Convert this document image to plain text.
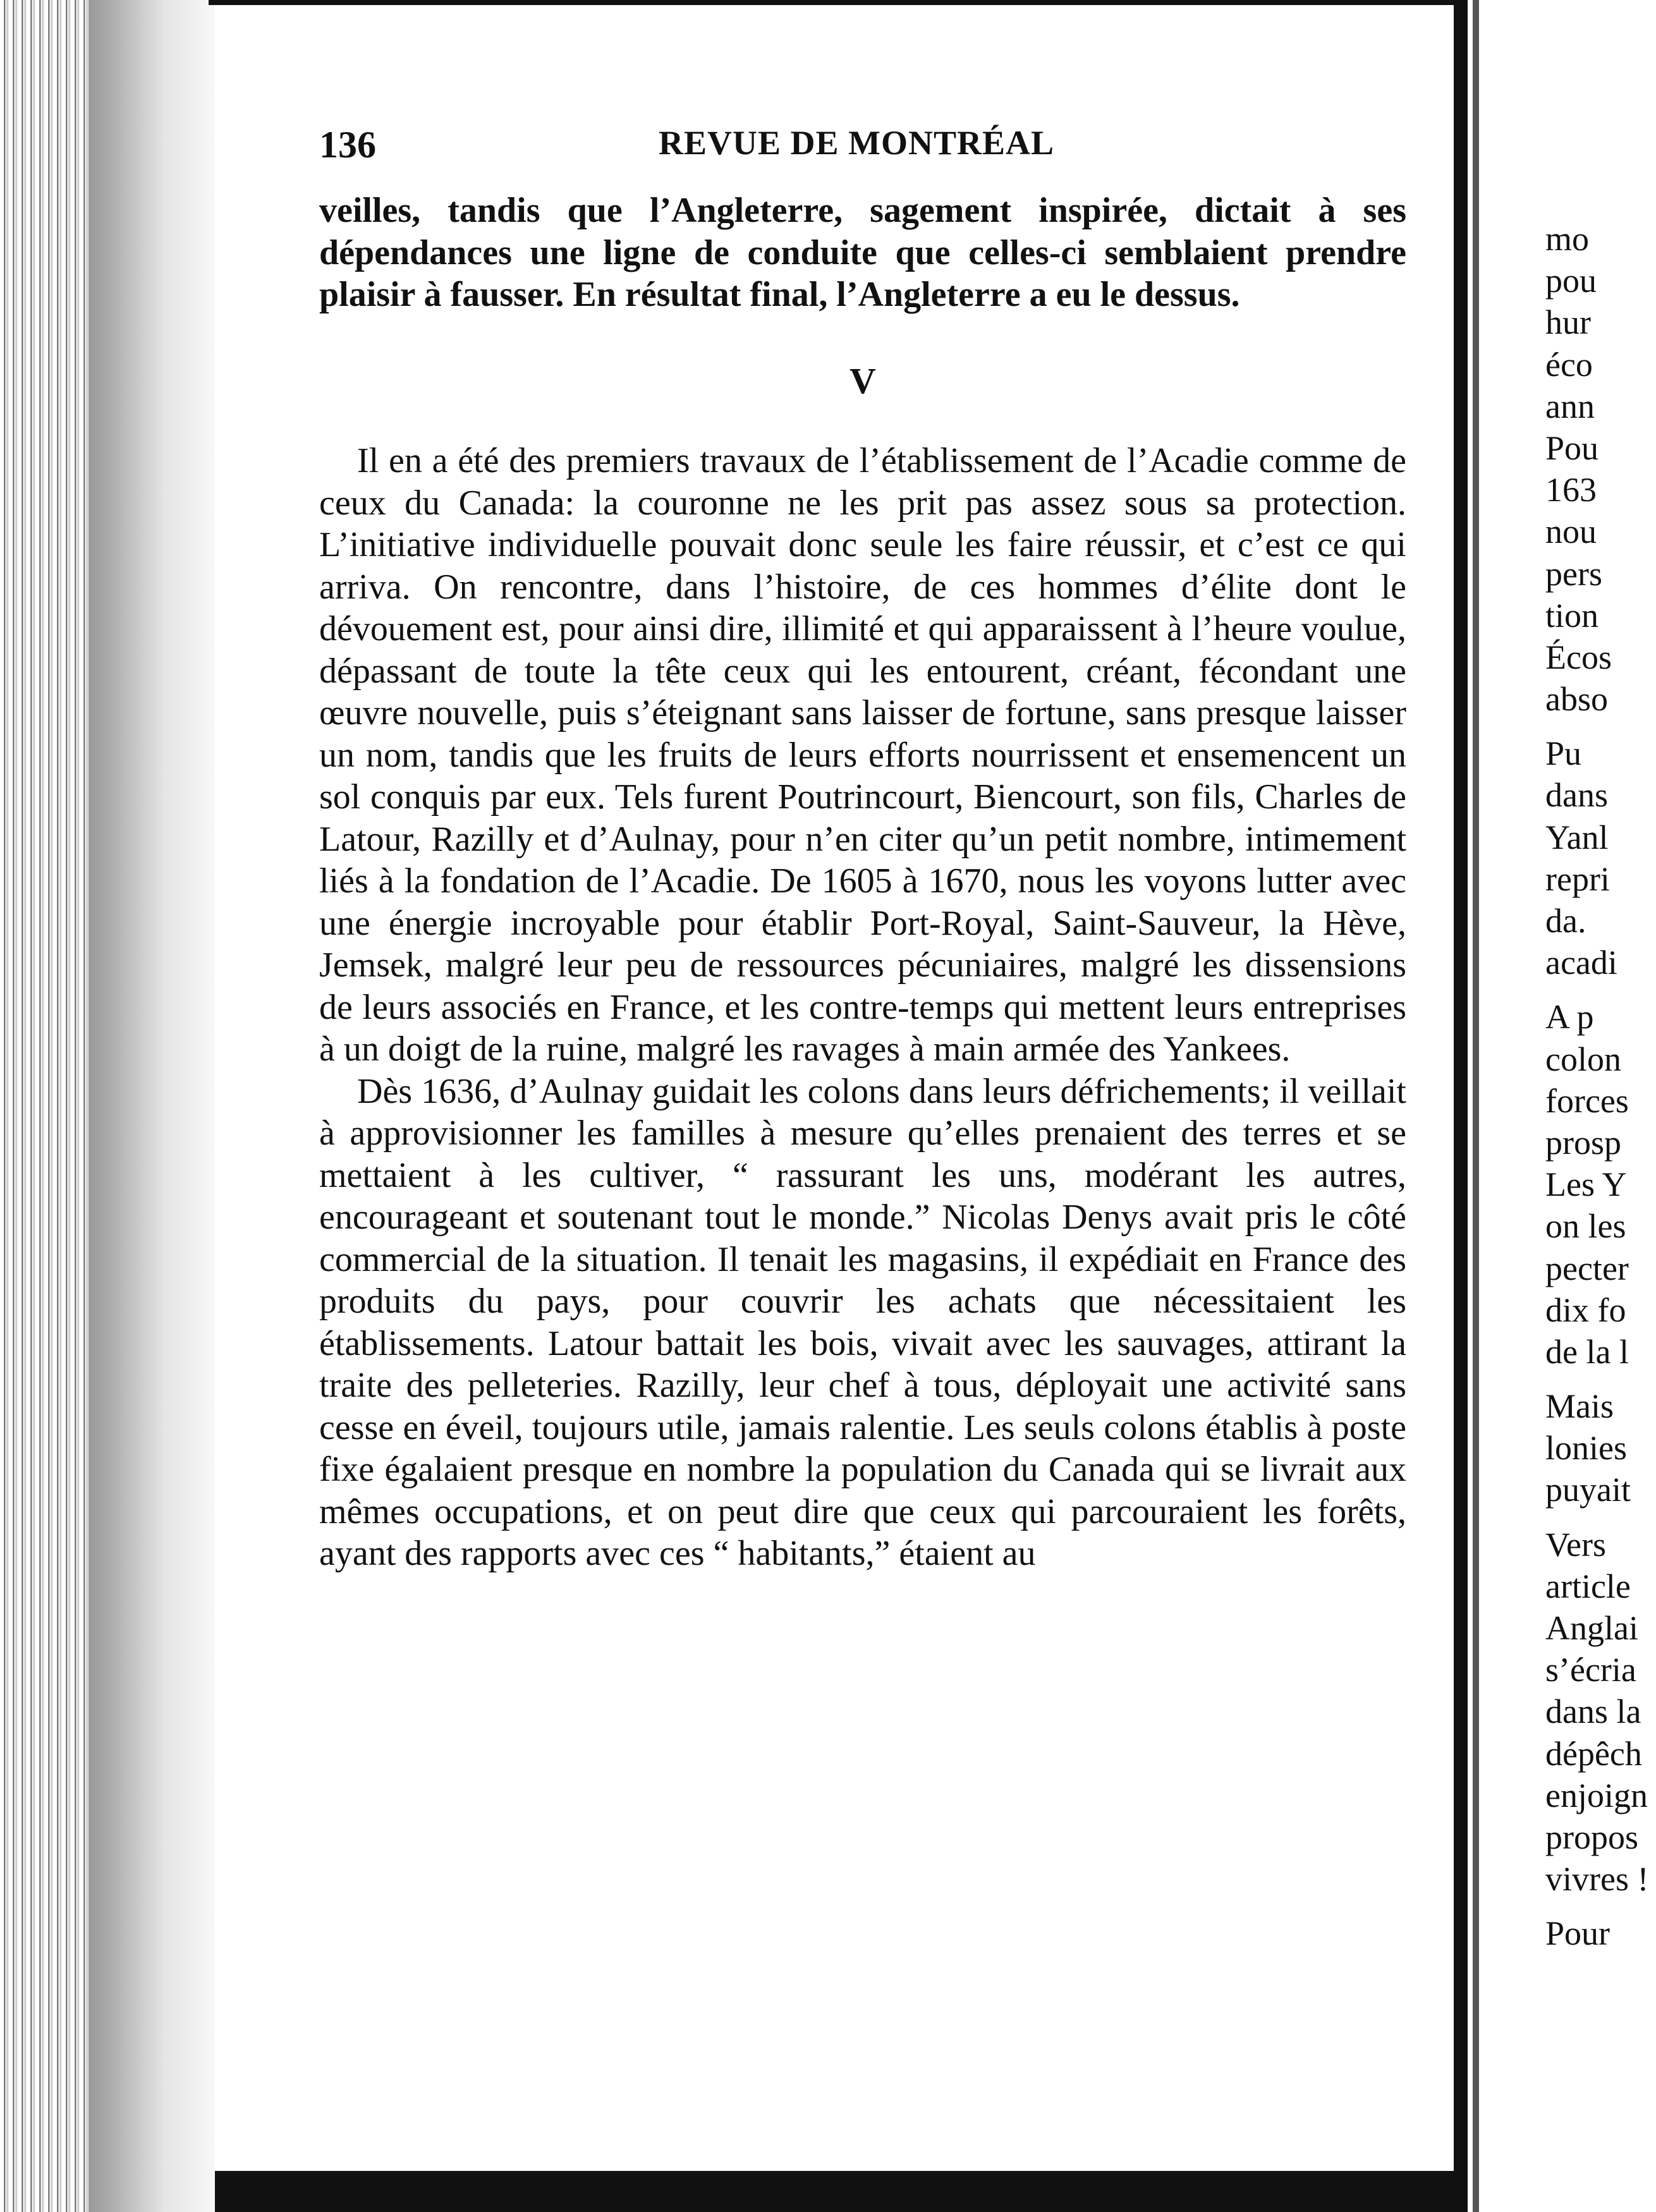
136	REVUE DE MONTRÉAL

veilles, tandis que l’Angleterre, sagement inspirée, dictait à ses dépendances une ligne de conduite que celles-ci semblaient prendre plaisir à fausser. En résultat final, l’Angleterre a eu le dessus.

V

Il en a été des premiers travaux de l’établissement de l’Acadie comme de ceux du Canada: la couronne ne les prit pas assez sous sa protection. L’initiative individuelle pouvait donc seule les faire réussir, et c’est ce qui arriva. On rencontre, dans l’histoire, de ces hommes d’élite dont le dévouement est, pour ainsi dire, illimité et qui apparaissent à l’heure voulue, dépassant de toute la tête ceux qui les entourent, créant, fécondant une œuvre nouvelle, puis s’éteignant sans laisser de fortune, sans presque laisser un nom, tandis que les fruits de leurs efforts nourrissent et ensemencent un sol conquis par eux. Tels furent Poutrincourt, Biencourt, son fils, Charles de Latour, Razilly et d’Aulnay, pour n’en citer qu’un petit nombre, intimement liés à la fondation de l’Acadie. De 1605 à 1670, nous les voyons lutter avec une énergie incroyable pour établir Port-Royal, Saint-Sauveur, la Hève, Jemsek, malgré leur peu de ressources pécuniaires, malgré les dissensions de leurs associés en France, et les contre-temps qui mettent leurs entreprises à un doigt de la ruine, malgré les ravages à main armée des Yankees.

Dès 1636, d’Aulnay guidait les colons dans leurs défrichements; il veillait à approvisionner les familles à mesure qu’elles prenaient des terres et se mettaient à les cultiver, “ rassurant les uns, modérant les autres, encourageant et soutenant tout le monde.” Nicolas Denys avait pris le côté commercial de la situation. Il tenait les magasins, il expédiait en France des produits du pays, pour couvrir les achats que nécessitaient les établissements. Latour battait les bois, vivait avec les sauvages, attirant la traite des pelleteries. Razilly, leur chef à tous, déployait une activité sans cesse en éveil, toujours utile, jamais ralentie. Les seuls colons établis à poste fixe égalaient presque en nombre la population du Canada qui se livrait aux mêmes occupations, et on peut dire que ceux qui parcouraient les forêts, ayant des rapports avec ces “ habitants,” étaient au

mo
pou
hur
éco
ann
Pou
163
nou
pers
tion
Écos
abso
Pu
dans
Yanl
repri
da.
acadi
A p
colon
forces
prosp
Les Y
on les
pecter
dix fo
de la l
Mais
lonies
puyait
Vers
article
Anglai
s’écria
dans la
dépêch
enjoign
propos
vivres !
Pour
